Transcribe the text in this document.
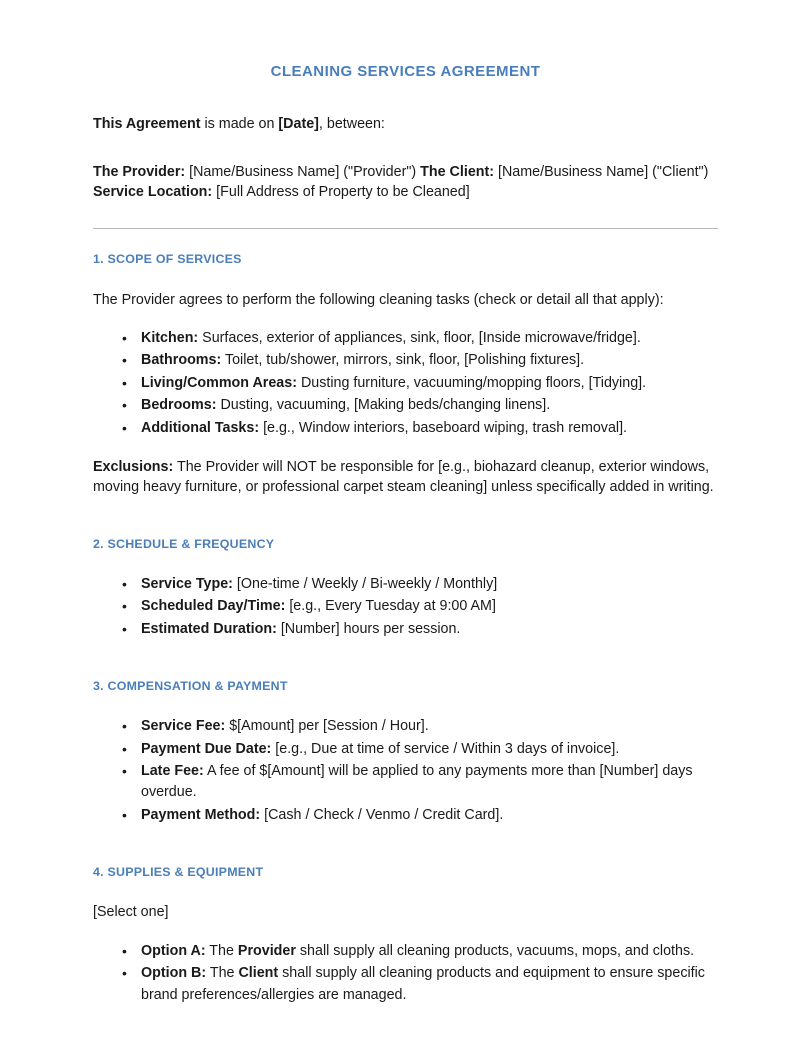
CLEANING SERVICES AGREEMENT

This Agreement is made on [Date], between:

The Provider: [Name/Business Name] ("Provider") The Client: [Name/Business Name] ("Client")

Service Location: [Full Address of Property to be Cleaned]

1. SCOPE OF SERVICES

The Provider agrees to perform the following cleaning tasks (check or detail all that apply):

• Kitchen: Surfaces, exterior of appliances, sink, floor, [Inside microwave/fridge].
• Bathrooms: Toilet, tub/shower, mirrors, sink, floor, [Polishing fixtures].
• Living/Common Areas: Dusting furniture, vacuuming/mopping floors, [Tidying].
• Bedrooms: Dusting, vacuuming, [Making beds/changing linens].
• Additional Tasks: [e.g., Window interiors, baseboard wiping, trash removal].

Exclusions: The Provider will NOT be responsible for [e.g., biohazard cleanup, exterior windows, moving heavy furniture, or professional carpet steam cleaning] unless specifically added in writing.

2. SCHEDULE & FREQUENCY
• Service Type: [One-time / Weekly / Bi-weekly / Monthly]
• Scheduled Day/Time: [e.g., Every Tuesday at 9:00 AM]
• Estimated Duration: [Number] hours per session.
3. COMPENSATION & PAYMENT
• Service Fee: $[Amount] per [Session / Hour].
• Payment Due Date: [e.g., Due at time of service / Within 3 days of invoice].
• Late Fee: A fee of $[Amount] will be applied to any payments more than [Number] days overdue.
• Payment Method: [Cash / Check / Venmo / Credit Card].
4. SUPPLIES & EQUIPMENT

[Select one]

• Option A: The Provider shall supply all cleaning products, vacuums, mops, and cloths.
• Option B: The Client shall supply all cleaning products and equipment to ensure specific brand preferences/allergies are managed.
